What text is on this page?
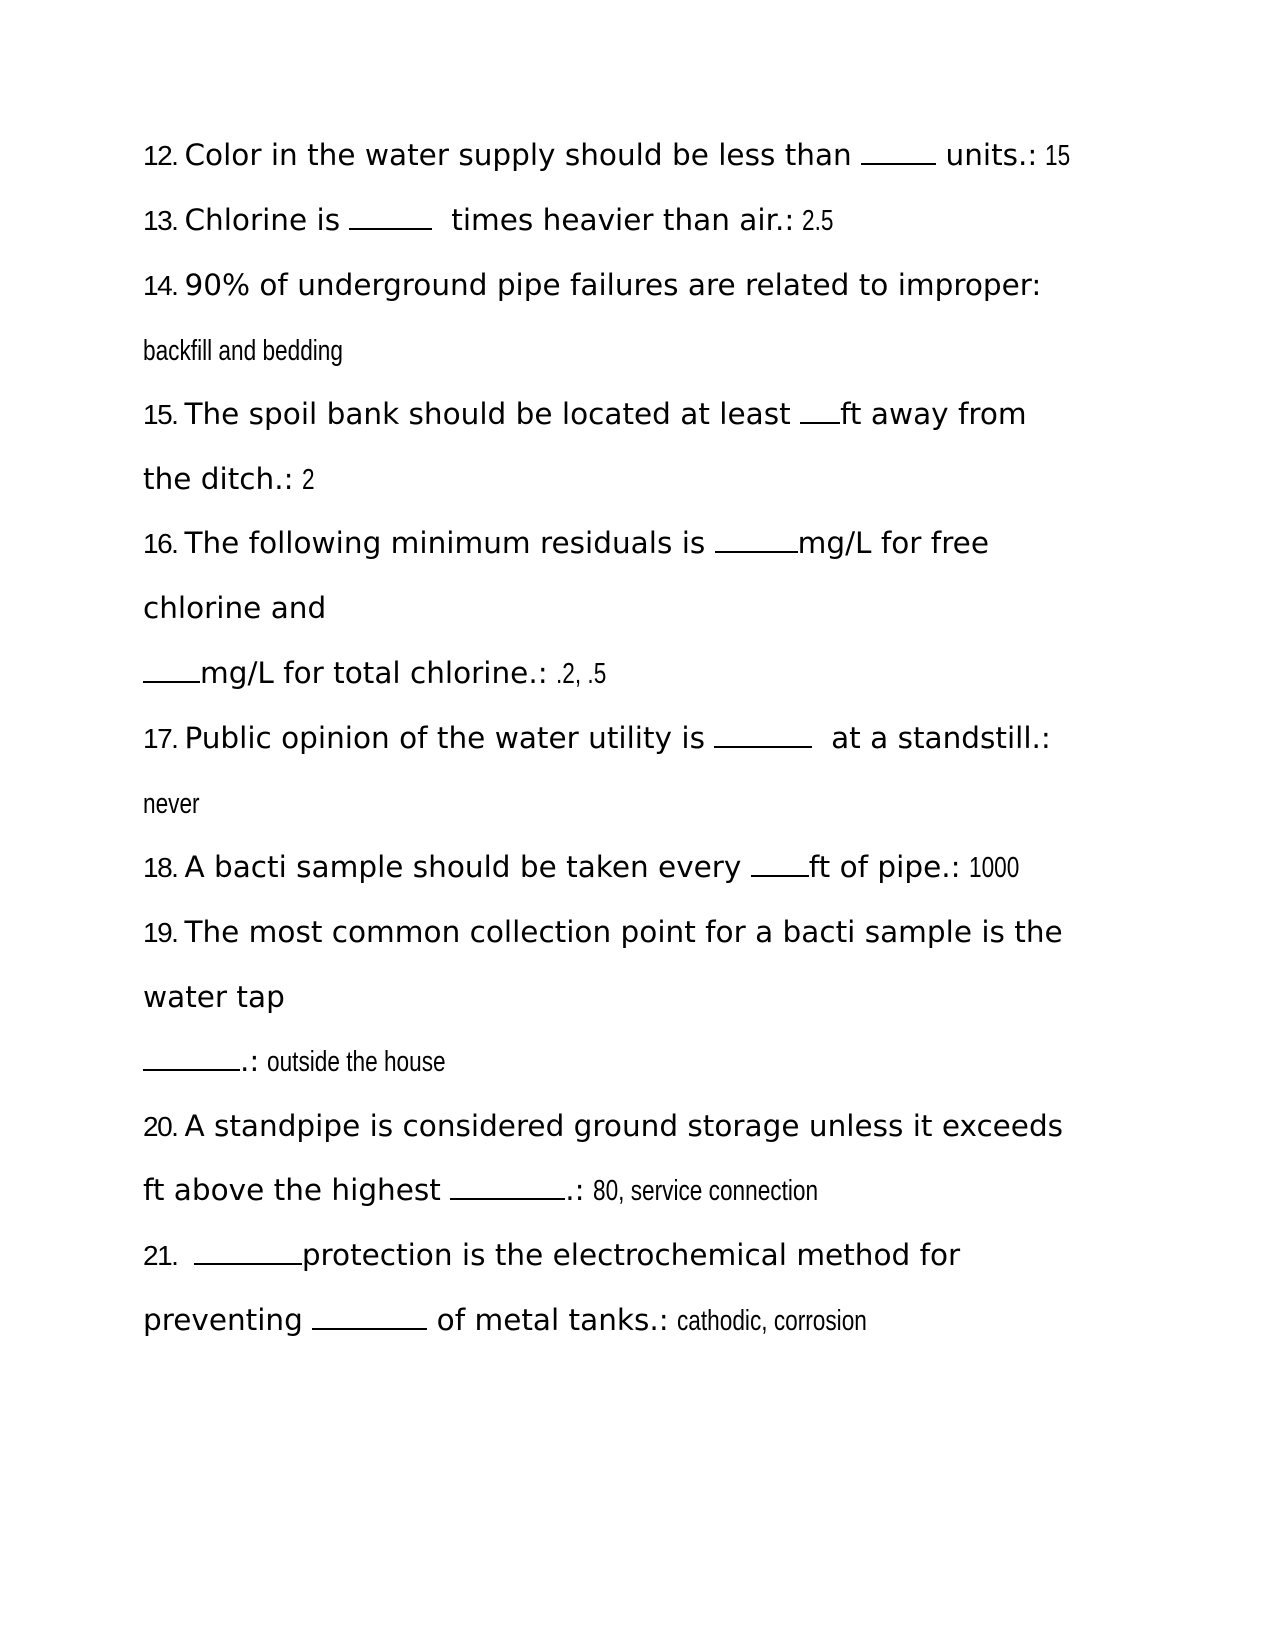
12. Color in the water supply should be less than	units.: 15
13. Chlorine is	times heavier than air.: 2.5
14. 90% of underground pipe failures are related to improper:
backfill and bedding
15. The spoil bank should be located at least ft away from
the ditch.: 2
16. The following minimum residuals is	mg/L for free
chlorine and
mg/L for total chlorine.: .2, .5
17. Public opinion of the water utility is	at a standstill.:
never
18. A bacti sample should be taken every ft of pipe.: 1000
19. The most common collection point for a bacti sample is the
water tap
.: outside the house
20. A standpipe is considered ground storage unless it exceeds
ft above the highest	.: 80, service connection
21.	protection is the electrochemical method for
preventing	of metal tanks.: cathodic, corrosion
